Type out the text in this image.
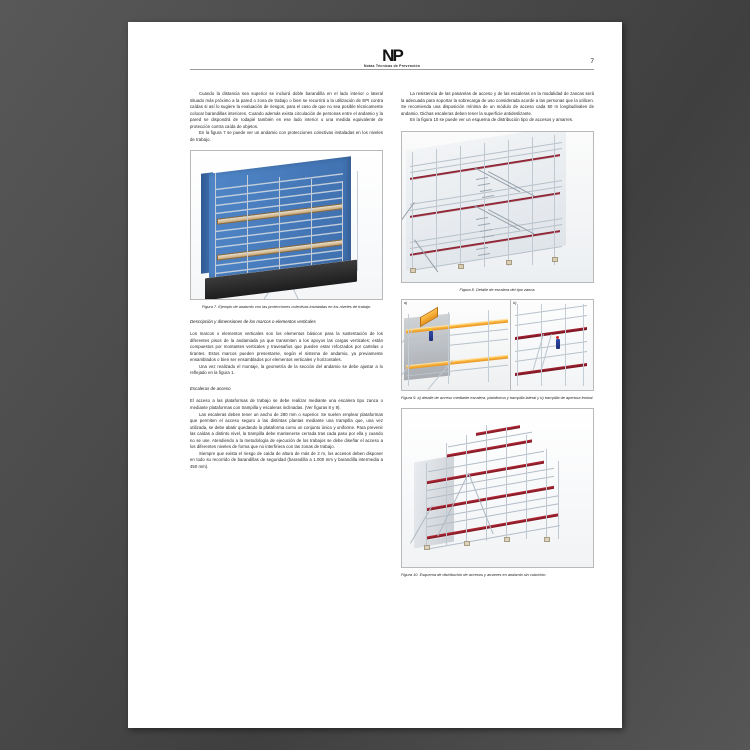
NP
Notas Técnicas de Prevención
7

Cuando la distancia sea superior se incluirá doble barandilla en el lado interior o lateral situado más próximo a la pared o zona de trabajo o bien se recurrirá a la utilización de EPI contra caídas si así lo sugiere la evaluación de riesgos, para el caso de que no sea posible técnicamente colocar barandillas interiores. Cuando además exista circulación de personas entre el andamio y la pared se dispondrá de rodapié también en ese lado interior o una medida equivalente de protección contra caída de objetos.

En la figura 7 se puede ver un andamio con protecciones colectivas instaladas en los niveles de trabajo.

Figura 7. Ejemplo de andamio con las protecciones colectivas instaladas en los niveles de trabajo.

Descripción y dimensiones de los marcos o elementos verticales

Los marcos o elementos verticales son los elementos básicos para la sustentación de los diferentes pisos de la andamiada ya que transmiten a los apoyos las cargas verticales; están compuestos por montantes verticales y travesaños que pueden estar reforzados por cartelas o tirantes. Estos marcos pueden presentarse, según el sistema de andamio, ya previamente ensamblados o bien ser ensamblados por elementos verticales y horizontales.

Una vez realizado el montaje, la geometría de la sección del andamio se debe ajustar a lo reflejado en la figura 1.

Escaleras de acceso

El acceso a las plataformas de trabajo se debe realizar mediante una escalera tipo zanca o mediante plataformas con trampilla y escaleras inclinadas. (Ver figuras 8 y 9).

Las escaleras deben tener un ancho de 280 mm o superior. Se suelen emplear plataformas que permiten el acceso seguro a las distintas plantas mediante una trampilla que, una vez utilizada, se debe abatir quedando la plataforma como un conjunto único y uniforme. Para prevenir las caídas a distinto nivel, la trampilla debe mantenerse cerrada tras cada paso por ella y cuando no se use. Atendiendo a la metodología de ejecución de los trabajos se debe diseñar el acceso a los diferentes niveles de forma que no interfiriera con las zonas de trabajo.

Siempre que exista el riesgo de caída de altura de más de 2 m, los accesos deben disponer en todo su recorrido de barandillas de seguridad (barandilla a 1.000 mm y barandilla intermedia a 450 mm).

La resistencia de las pasarelas de acceso y de las escaleras en la modalidad de zancas será la adecuada para soportar la sobrecarga de uso considerada acorde a las personas que la utilicen. Se recomienda una disposición mínima de un módulo de acceso cada 50 m longitudinales de andamio. Dichas escaleras deben tener la superficie antideslizante.

En la figura 10 se puede ver un esquema de distribución tipo de accesos y amarres.

Figura 8. Detalle de escalera del tipo zanca.

a)	b)

Figura 9. a) detalle de acceso mediante escalera, plataforma y trampilla lateral y b) trampilla de apertura frontal.

Figura 10. Esquema de distribución de accesos y amarres en andamio sin cubrición.
